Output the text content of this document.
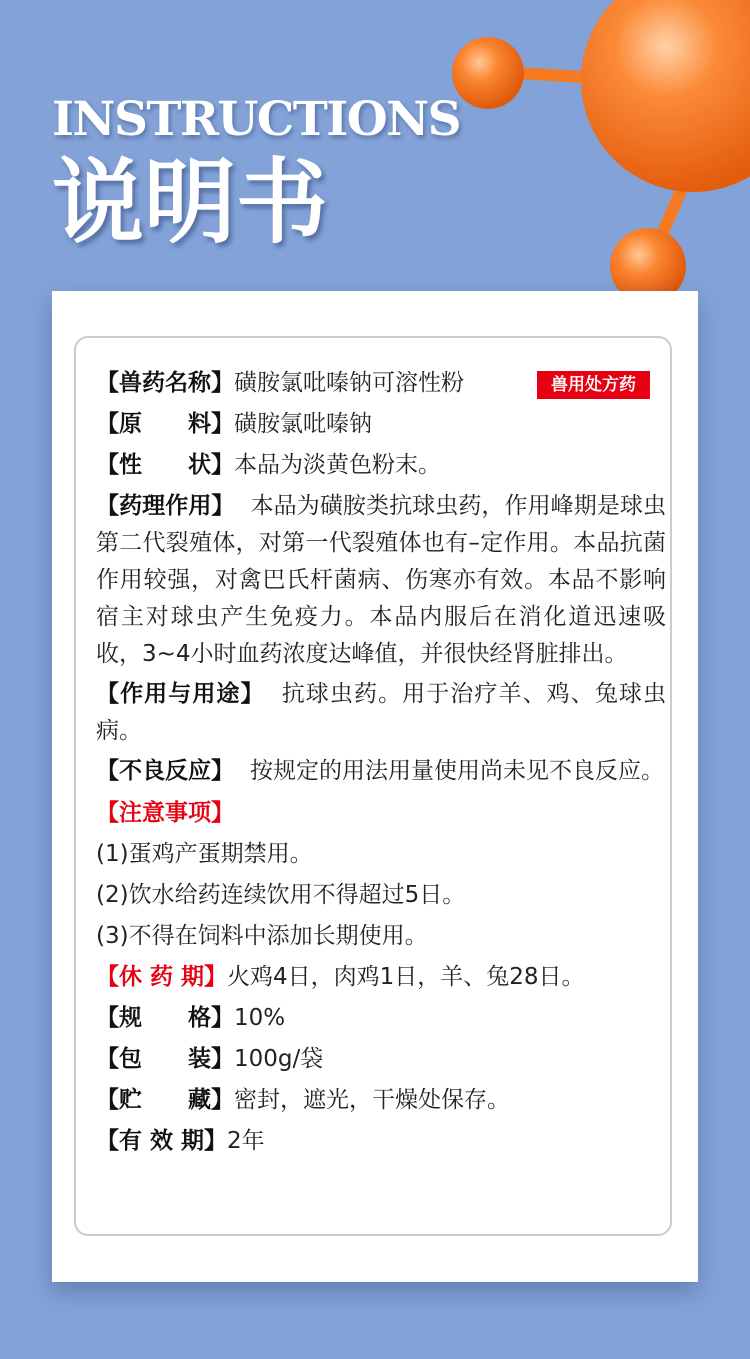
INSTRUCTIONS
说明书
【兽药名称】磺胺氯吡嗪钠可溶性粉	兽用处方药
【原　　料】磺胺氯吡嗪钠
【性　　状】本品为淡黄色粉末。
【药理作用】 本品为磺胺类抗球虫药，作用峰期是球虫第二代裂殖体，对第一代裂殖体也有–定作用。本品抗菌作用较强，对禽巴氏杆菌病、伤寒亦有效。本品不影响宿主对球虫产生免疫力。本品内服后在消化道迅速吸收，3~4小时血药浓度达峰值，并很快经肾脏排出。
【作用与用途】 抗球虫药。用于治疗羊、鸡、兔球虫病。
【不良反应】 按规定的用法用量使用尚未见不良反应。
【注意事项】
(1)蛋鸡产蛋期禁用。
(2)饮水给药连续饮用不得超过5日。
(3)不得在饲料中添加长期使用。
【休 药 期】火鸡4日，肉鸡1日，羊、兔28日。
【规　　格】10%
【包　　装】100g/袋
【贮　　藏】密封，遮光，干燥处保存。
【有 效 期】2年
